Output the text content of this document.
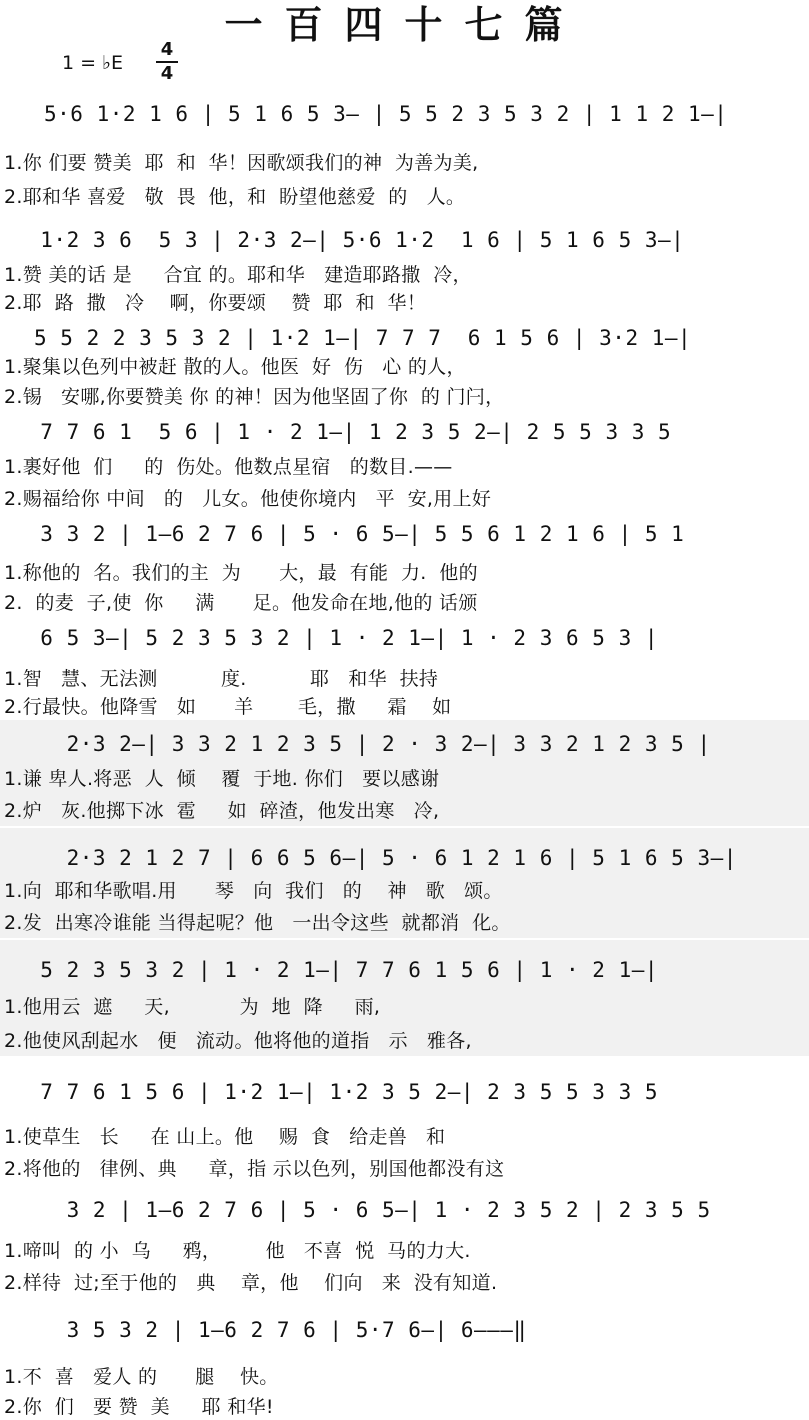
一百四十七篇
1 = ♭E
4
4
5·6 1·2 1 6 | 5 1 6 5 3— | 5 5 2 3 5 3 2 | 1 1 2 1—|
1.你 们要 赞美  耶  和  华！因歌颂我们的神  为善为美,
2.耶和华 喜爱   敬  畏  他，和  盼望他慈爱  的   人。
1·2 3 6  5 3 | 2·3 2—| 5·6 1·2  1 6 | 5 1 6 5 3—|
1.赞 美的话 是     合宜 的。耶和华   建造耶路撒  冷，
2.耶  路  撒   冷    啊，你要颂    赞  耶  和  华！
5 5 2 2 3 5 3 2 | 1·2 1—| 7 7 7  6 1 5 6 | 3·2 1—|
1.聚集以色列中被赶 散的人。他医  好  伤   心 的人，
2.锡   安哪,你要赞美 你 的神！因为他坚固了你  的 门闩，
7 7 6 1  5 6 | 1 · 2 1—| 1 2 3 5 2—| 2 5 5 3 3 5
1.裹好他  们     的  伤处。他数点星宿   的数目.——
2.赐福给你 中间   的   儿女。他使你境内   平  安,用上好
3 3 2 | 1—6 2 7 6 | 5 · 6 5—| 5 5 6 1 2 1 6 | 5 1
1.称他的  名。我们的主  为      大，最  有能  力.  他的
2.  的麦  子,使  你     满      足。他发命在地,他的 话颁
6 5 3—| 5 2 3 5 3 2 | 1 · 2 1—| 1 · 2 3 6 5 3 |
1.智   慧、无法测          度.          耶   和华  扶持
2.行最快。他降雪   如      羊       毛，撒     霜    如
2·3 2—| 3 3 2 1 2 3 5 | 2 · 3 2—| 3 3 2 1 2 3 5 |
1.谦 卑人.将恶  人  倾    覆  于地. 你们   要以感谢
2.炉   灰.他掷下冰  雹     如  碎渣，他发出寒   冷,
2·3 2 1 2 7 | 6 6 5 6—| 5 · 6 1 2 1 6 | 5 1 6 5 3—|
1.向  耶和华歌唱.用      琴   向  我们   的    神   歌   颂。
2.发  出寒冷谁能 当得起呢？他   一出令这些  就都消  化。
5 2 3 5 3 2 | 1 · 2 1—| 7 7 6 1 5 6 | 1 · 2 1—|
1.他用云  遮     天,           为  地  降     雨,
2.他使风刮起水   便   流动。他将他的道指   示   雅各,
7 7 6 1 5 6 | 1·2 1—| 1·2 3 5 2—| 2 3 5 5 3 3 5
1.使草生   长     在 山上。他    赐  食   给走兽   和
2.将他的   律例、典     章，指 示以色列，别国他都没有这
3 2 | 1—6 2 7 6 | 5 · 6 5—| 1 · 2 3 5 2 | 2 3 5 5
1.啼叫  的 小  乌     鸦，       他   不喜  悦  马的力大.
2.样待  过;至于他的   典    章，他    们向   来  没有知道.
3 5 3 2 | 1—6 2 7 6 | 5·7 6—| 6———‖
1.不  喜   爱人 的      腿    快。
2.你  们   要 赞  美     耶 和华!
